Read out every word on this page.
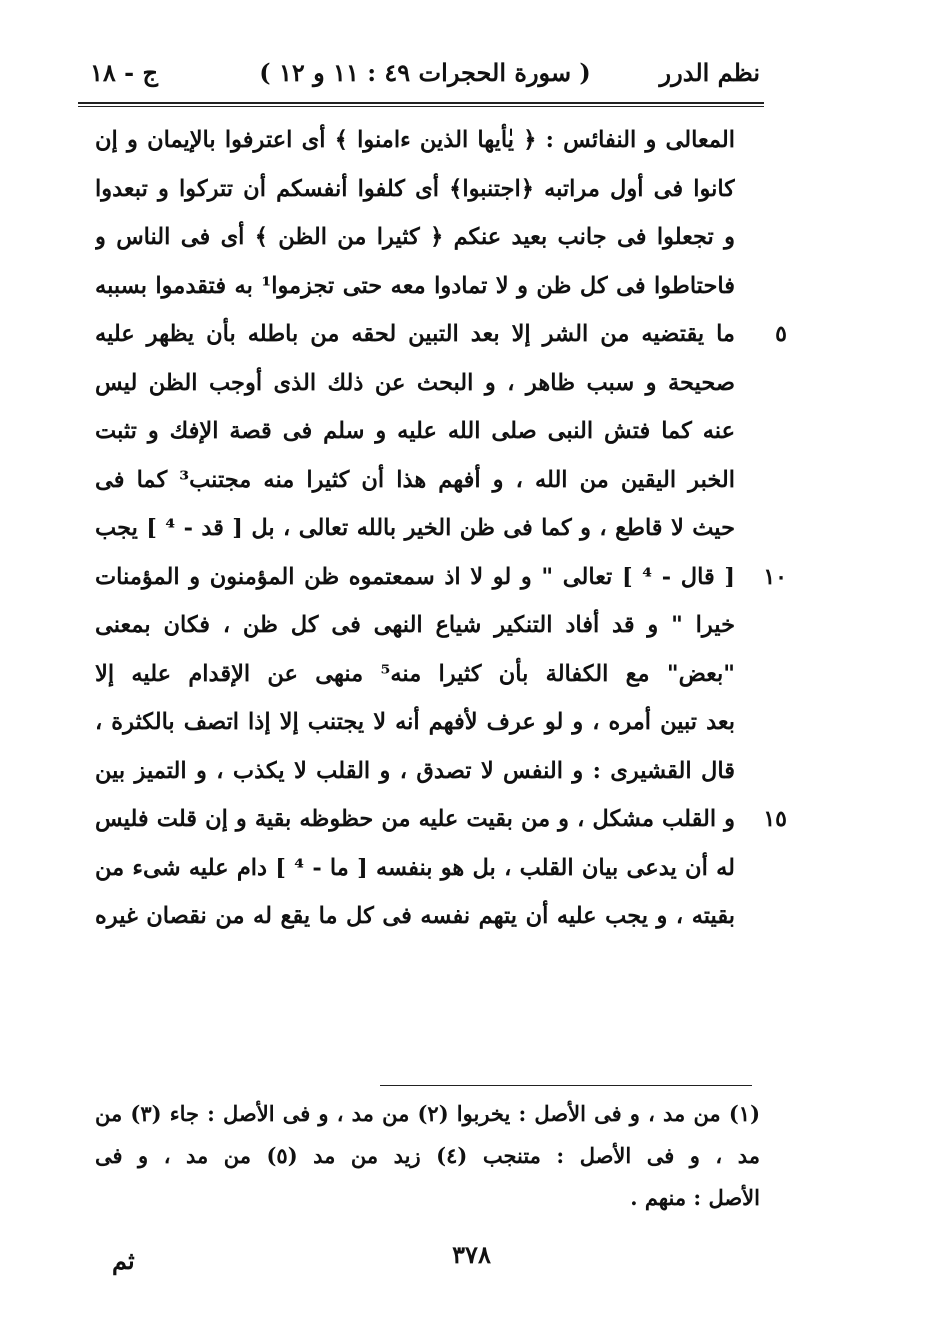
نظم الدرر
( سورة الحجرات ٤٩ : ١١ و ١٢ )
ج - ١٨
المعالى و النفائس : ﴿ يٰأيها الذين ءامنوا ﴾ أى اعترفوا بالإيمان و إن
كانوا فى أول مراتبه ﴿اجتنبوا﴾ أى كلفوا أنفسكم أن تتركوا و تبعدوا
و تجعلوا فى جانب بعيد عنكم ﴿ كثيرا من الظن ﴾ أى فى الناس و
فاحتاطوا فى كل ظن و لا تمادوا معه حتى تجزموا¹ به فتقدموا بسببه
٥
ما يقتضيه من الشر إلا بعد التبين لحقه من باطله بأن يظهر عليه
صحيحة و سبب ظاهر ، و البحث عن ذلك الذى أوجب الظن ليس
عنه كما فتش النبى صلى الله عليه و سلم فى قصة الإفك و تثبت
الخبر اليقين من الله ، و أفهم هذا أن كثيرا منه مجتنب³ كما فى
حيث لا قاطع ، و كما فى ظن الخير بالله تعالى ، بل [ قد - ⁴ ] يجب
١٠
[ قال - ⁴ ] تعالى " و لو لا اذ سمعتموه ظن المؤمنون و المؤمنات
خيرا " و قد أفاد التنكير شياع النهى فى كل ظن ، فكان بمعنى
"بعض" مع الكفالة بأن كثيرا منه⁵ منهى عن الإقدام عليه إلا
بعد تبين أمره ، و لو عرف لأفهم أنه لا يجتنب إلا إذا اتصف بالكثرة ،
قال القشيرى : و النفس لا تصدق ، و القلب لا يكذب ، و التميز بين
١٥
و القلب مشكل ، و من بقيت عليه من حظوظه بقية و إن قلت فليس
له أن يدعى بيان القلب ، بل هو بنفسه [ ما - ⁴ ] دام عليه شىء من
بقيته ، و يجب عليه أن يتهم نفسه فى كل ما يقع له من نقصان غيره
(١) من مد ، و فى الأصل : يخربوا (٢) من مد ، و فى الأصل : جاء (٣) من
مد ، و فى الأصل : متنجب (٤) زيد من مد (٥) من مد ، و فى
الأصل : منهم .
٣٧٨
ثم
